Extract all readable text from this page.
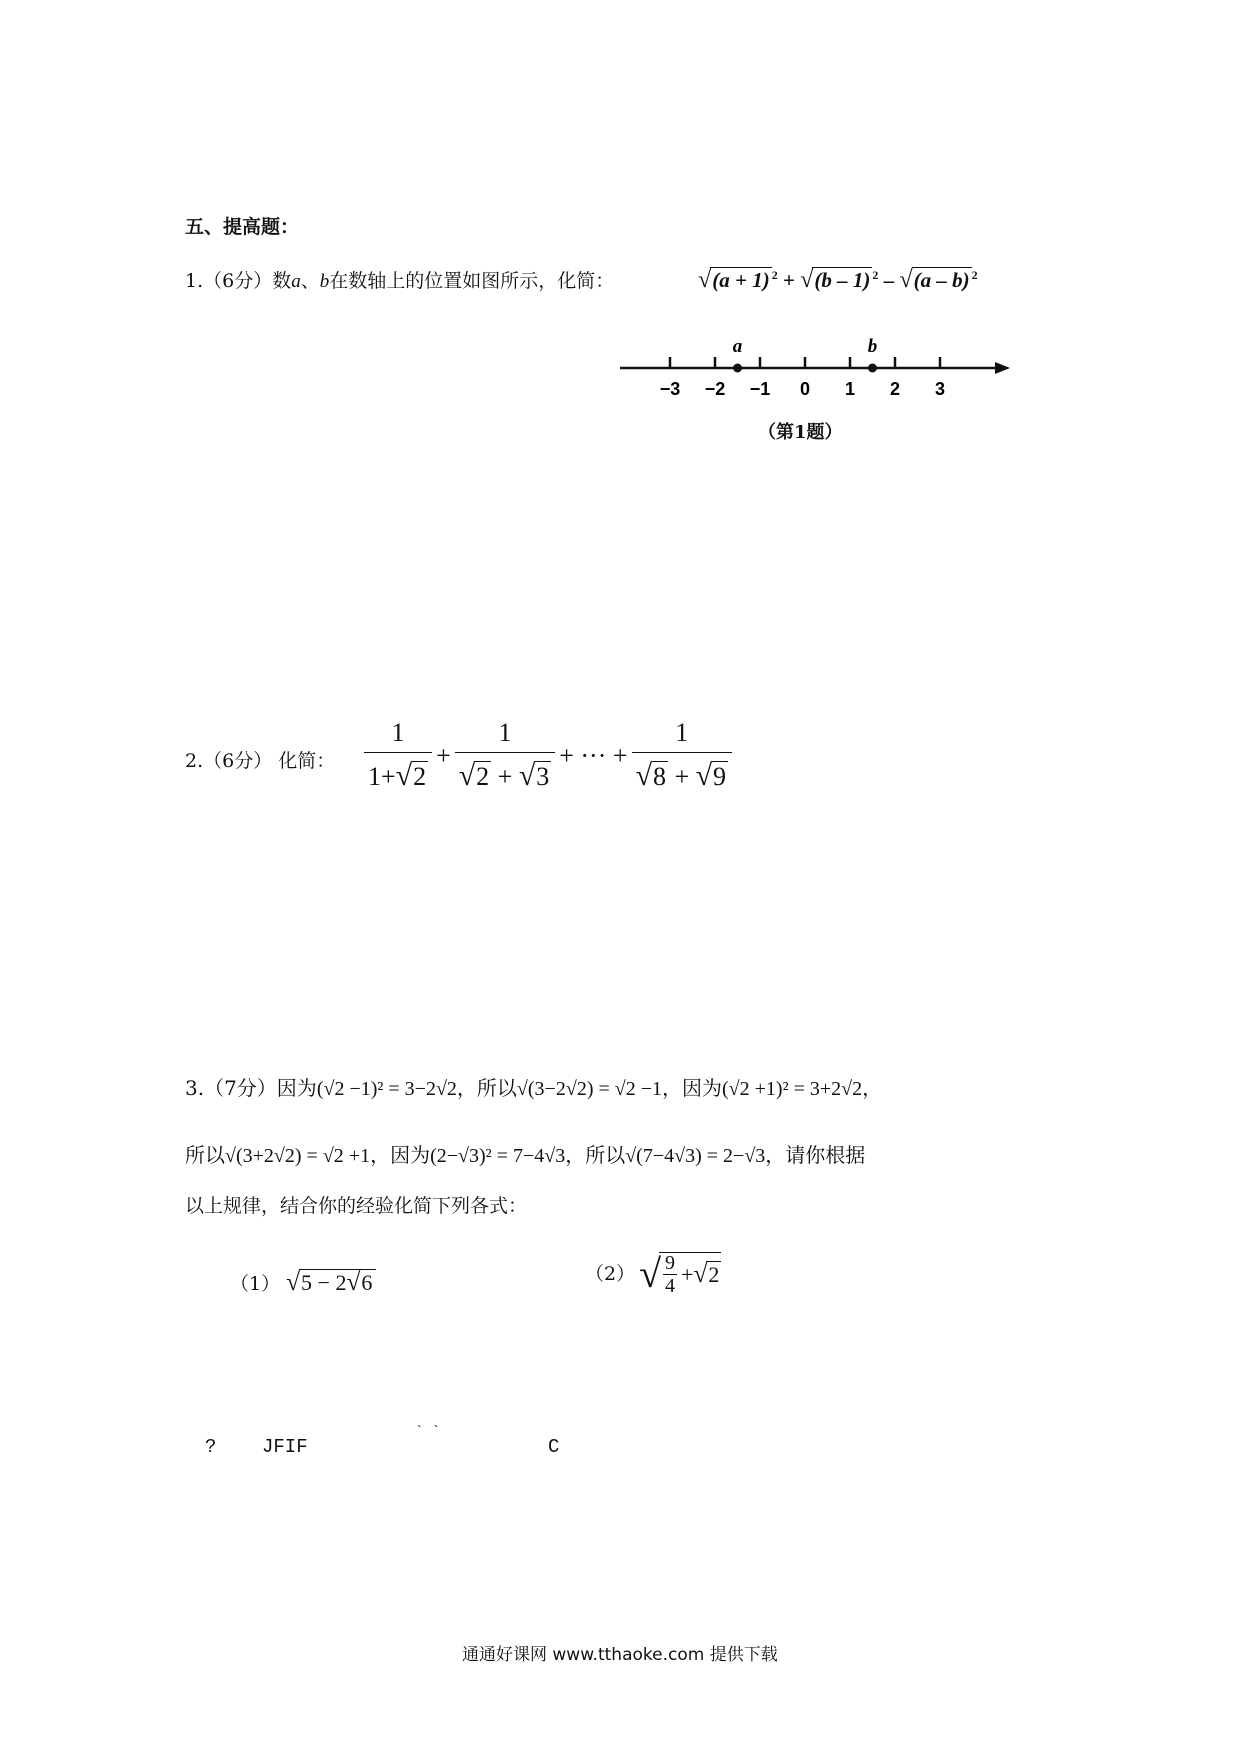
五、提高题：
1.（6分）数a、b在数轴上的位置如图所示，化简：	√(a + 1) $^2$ + √(b – 1) $^2$ – √(a – b) $^2$
−3 −2 −1 0 1 2 3
a	b
（第1题）
2.（6分） 化简： $\frac{1}{1+√2} + \frac{1}{√2 + √3}$ + ··· + $\frac{1}{√8 + √9}$
3.（7分）因为(√2 −1)² = 3−2√2，所以√(3−2√2) = √2 −1，因为(√2 +1)² = 3+2√2，
所以√(3+2√2) = √2 +1，因为(2−√3)² = 7−4√3，所以√(7−4√3) = 2−√3，请你根据
以上规律，结合你的经验化简下列各式：
（1） √5 − 2√6	（2） √ $\frac{9}{4} + √2$
? JFIF
` `
C
通通好课网 www.tthaoke.com 提供下载
